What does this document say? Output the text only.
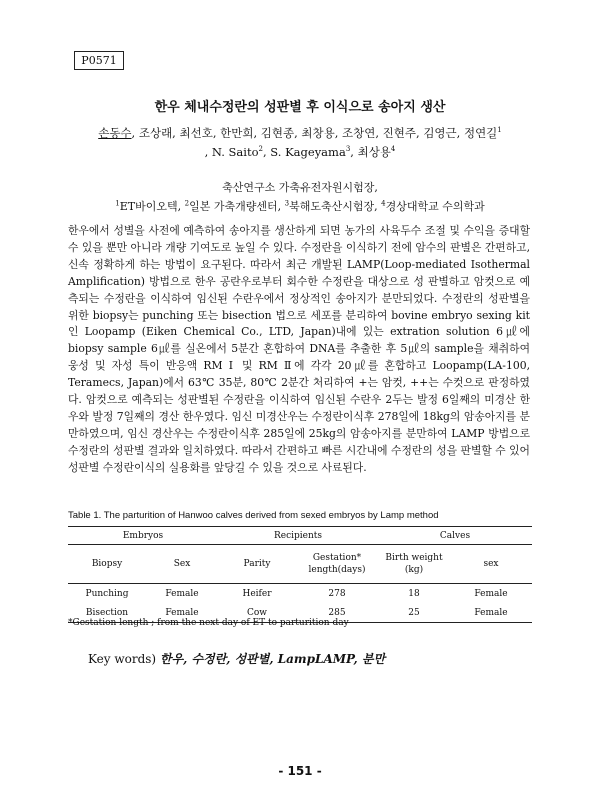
P0571
한우 체내수정란의 성판별 후 이식으로 송아지 생산
손동수, 조상래, 최선호, 한만희, 김현종, 최창용, 조창연, 진현주, 김영근, 정연길$^1$
, N. Saito$^2$, S. Kageyama$^3$, 최상용$^4$
축산연구소 가축유전자원시험장,
$^1$ET바이오텍, $^2$일본 가축개량센터, $^3$북해도축산시험장, $^4$경상대학교 수의학과
한우에서 성별을 사전에 예측하여 송아지를 생산하게 되면 농가의 사육두수 조절 및 수익을 증대할 수 있을 뿐만 아니라 개량 기여도로 높일 수 있다. 수정란을 이식하기 전에 암수의 판별은 간편하고, 신속 정확하게 하는 방법이 요구된다. 따라서 최근 개발된 LAMP(Loop-mediated Isothermal Amplification) 방법으로 한우 공란우로부터 회수한 수정란을 대상으로 성 판별하고 암컷으로 예측되는 수정란을 이식하여 임신된 수란우에서 정상적인 송아지가 분만되었다. 수정란의 성판별을 위한 biopsy는 punching 또는 bisection 법으로 세포를 분리하여 bovine embryo sexing kit인 Loopamp (Eiken Chemical Co., LTD, Japan)내에 있는 extration solution 6㎕에 biopsy sample 6㎕를 실온에서 5분간 혼합하여 DNA를 추출한 후 5㎕의 sample을 채취하여 웅성 및 자성 특이 반응액 RM Ⅰ 및 RM Ⅱ에 각각 20㎕를 혼합하고 Loopamp(LA-100, Teramecs, Japan)에서 63℃ 35분, 80℃ 2분간 처리하여 +는 암컷, ++는 수컷으로 판정하였다. 암컷으로 예측되는 성판별된 수정란을 이식하여 임신된 수란우 2두는 발정 6일째의 미경산 한우와 발정 7일째의 경산 한우였다. 임신 미경산우는 수정란이식후 278일에 18kg의 암송아지를 분만하였으며, 임신 경산우는 수정란이식후 285일에 25kg의 암송아지를 분만하여 LAMP 방법으로 수정란의 성판별 결과와 일치하였다. 따라서 간편하고 빠른 시간내에 수정란의 성을 판별할 수 있어 성판별 수정란이식의 실용화를 앞당길 수 있을 것으로 사료된다.
Table 1. The parturition of Hanwoo calves derived from sexed embryos by Lamp method
Embryos		Recipients		Calves	
Biopsy	Sex	Parity	Gestation* length(days)	Birth weight (kg)	sex
Punching	Female	Heifer	278	18	Female
Bisection	Female	Cow	285	25	Female
*Gestation length ; from the next day of ET to parturition day
Key words) 한우, 수정란, 성판별, LampLAMP, 분만
- 151 -
